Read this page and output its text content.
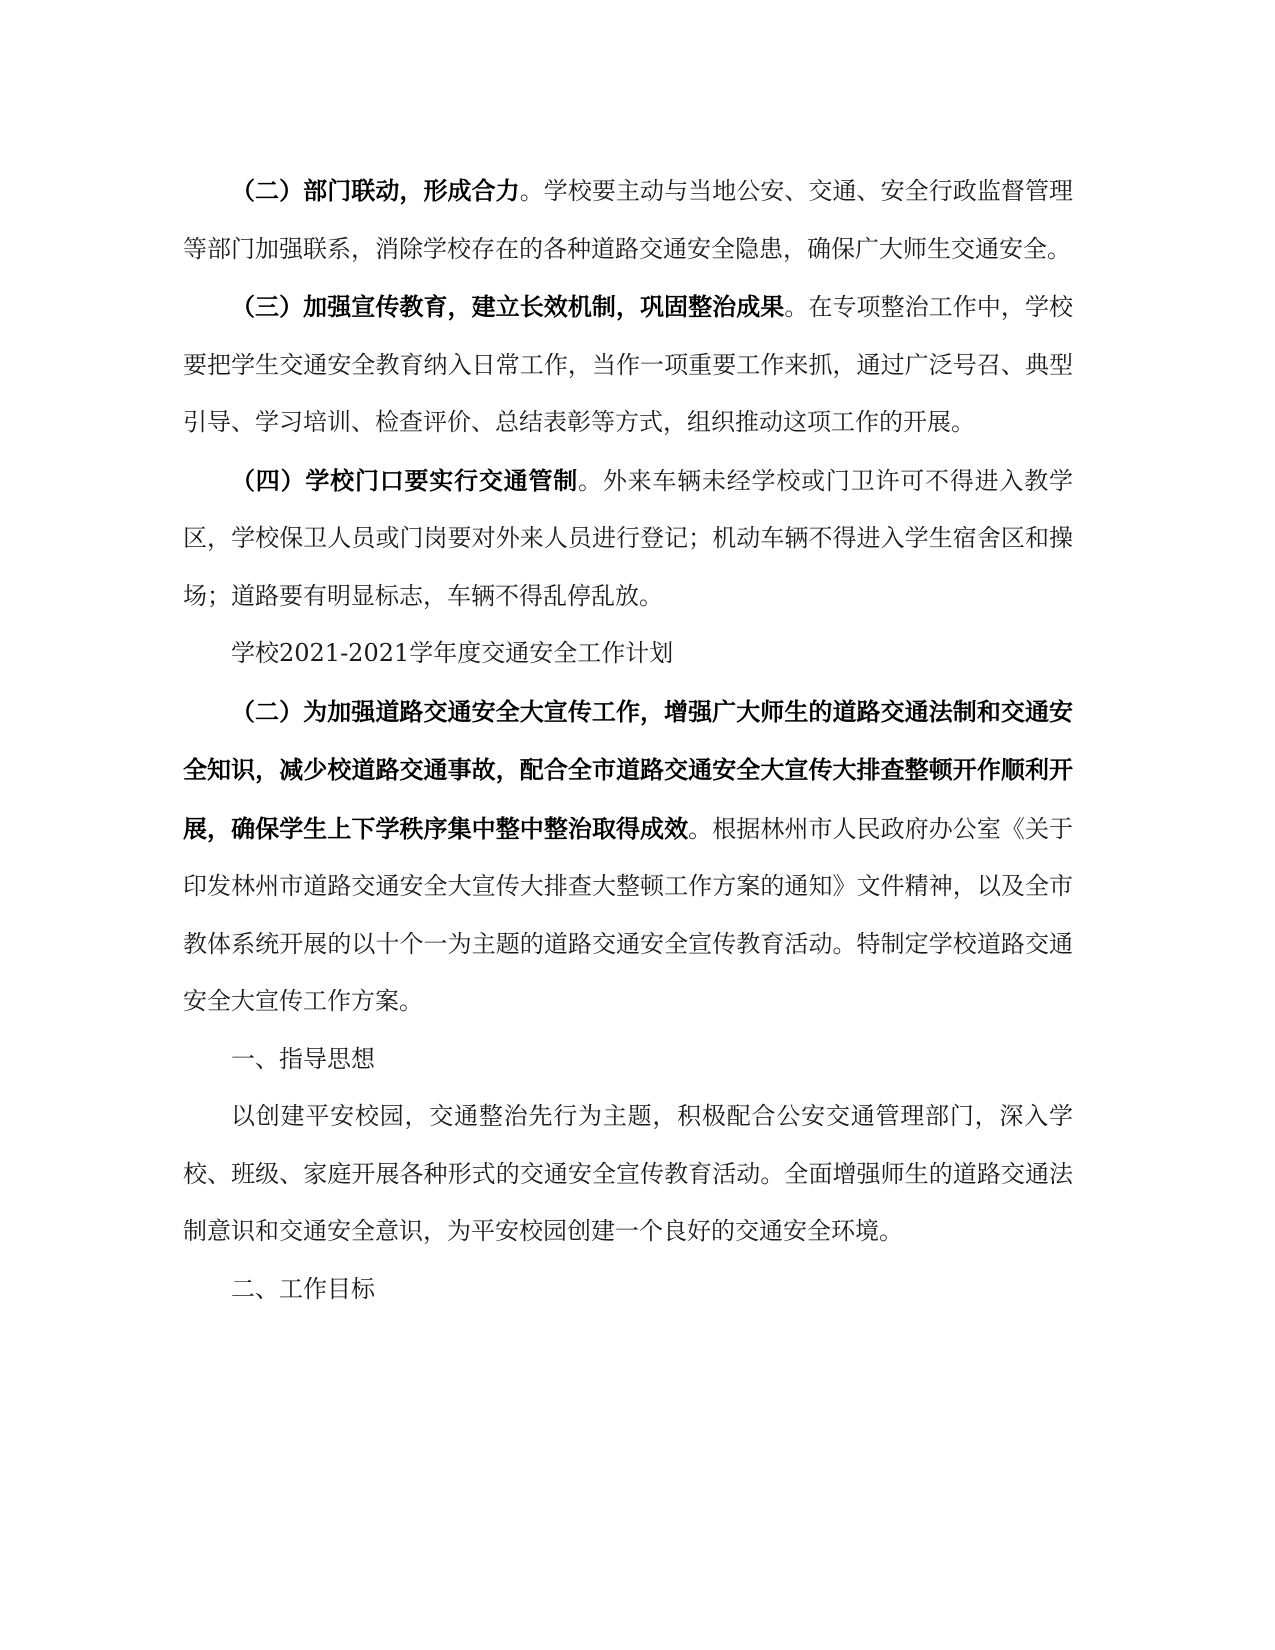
（二）部门联动，形成合力。学校要主动与当地公安、交通、安全行政监督管理等部门加强联系，消除学校存在的各种道路交通安全隐患，确保广大师生交通安全。

（三）加强宣传教育，建立长效机制，巩固整治成果。在专项整治工作中，学校要把学生交通安全教育纳入日常工作，当作一项重要工作来抓，通过广泛号召、典型引导、学习培训、检查评价、总结表彰等方式，组织推动这项工作的开展。

（四）学校门口要实行交通管制。外来车辆未经学校或门卫许可不得进入教学区，学校保卫人员或门岗要对外来人员进行登记；机动车辆不得进入学生宿舍区和操场；道路要有明显标志，车辆不得乱停乱放。

学校2021-2021学年度交通安全工作计划

（二）为加强道路交通安全大宣传工作，增强广大师生的道路交通法制和交通安全知识，减少校道路交通事故，配合全市道路交通安全大宣传大排查整顿开作顺利开展，确保学生上下学秩序集中整中整治取得成效。根据林州市人民政府办公室《关于印发林州市道路交通安全大宣传大排查大整顿工作方案的通知》文件精神，以及全市教体系统开展的以十个一为主题的道路交通安全宣传教育活动。特制定学校道路交通安全大宣传工作方案。

一、指导思想

以创建平安校园，交通整治先行为主题，积极配合公安交通管理部门，深入学校、班级、家庭开展各种形式的交通安全宣传教育活动。全面增强师生的道路交通法制意识和交通安全意识，为平安校园创建一个良好的交通安全环境。

二、工作目标
